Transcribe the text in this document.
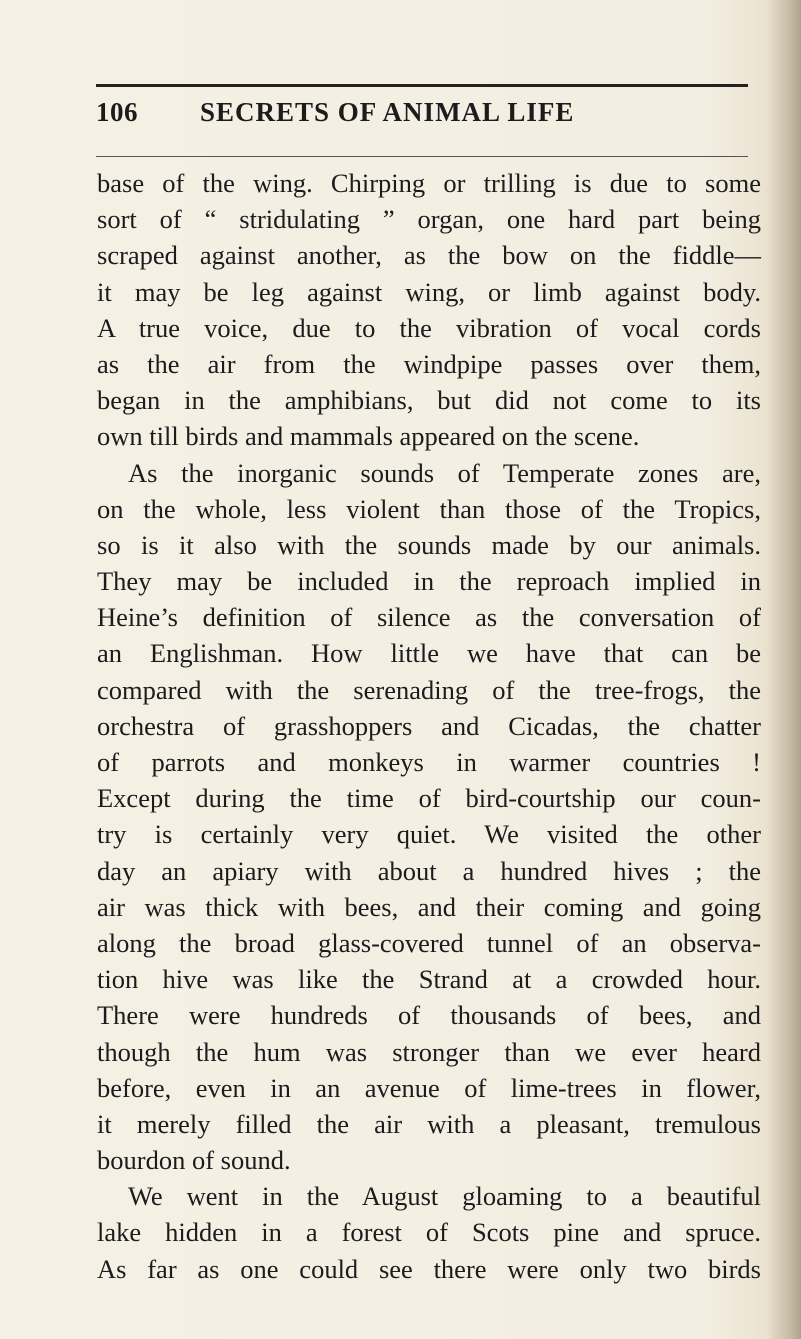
106 SECRETS OF ANIMAL LIFE
base of the wing. Chirping or trilling is due to some
sort of “ stridulating ” organ, one hard part being
scraped against another, as the bow on the fiddle—
it may be leg against wing, or limb against body.
A true voice, due to the vibration of vocal cords
as the air from the windpipe passes over them,
began in the amphibians, but did not come to its
own till birds and mammals appeared on the scene.
As the inorganic sounds of Temperate zones are,
on the whole, less violent than those of the Tropics,
so is it also with the sounds made by our animals.
They may be included in the reproach implied in
Heine’s definition of silence as the conversation of
an Englishman. How little we have that can be
compared with the serenading of the tree-frogs, the
orchestra of grasshoppers and Cicadas, the chatter
of parrots and monkeys in warmer countries !
Except during the time of bird-courtship our coun-
try is certainly very quiet. We visited the other
day an apiary with about a hundred hives ; the
air was thick with bees, and their coming and going
along the broad glass-covered tunnel of an observa-
tion hive was like the Strand at a crowded hour.
There were hundreds of thousands of bees, and
though the hum was stronger than we ever heard
before, even in an avenue of lime-trees in flower,
it merely filled the air with a pleasant, tremulous
bourdon of sound.
We went in the August gloaming to a beautiful
lake hidden in a forest of Scots pine and spruce.
As far as one could see there were only two birds
